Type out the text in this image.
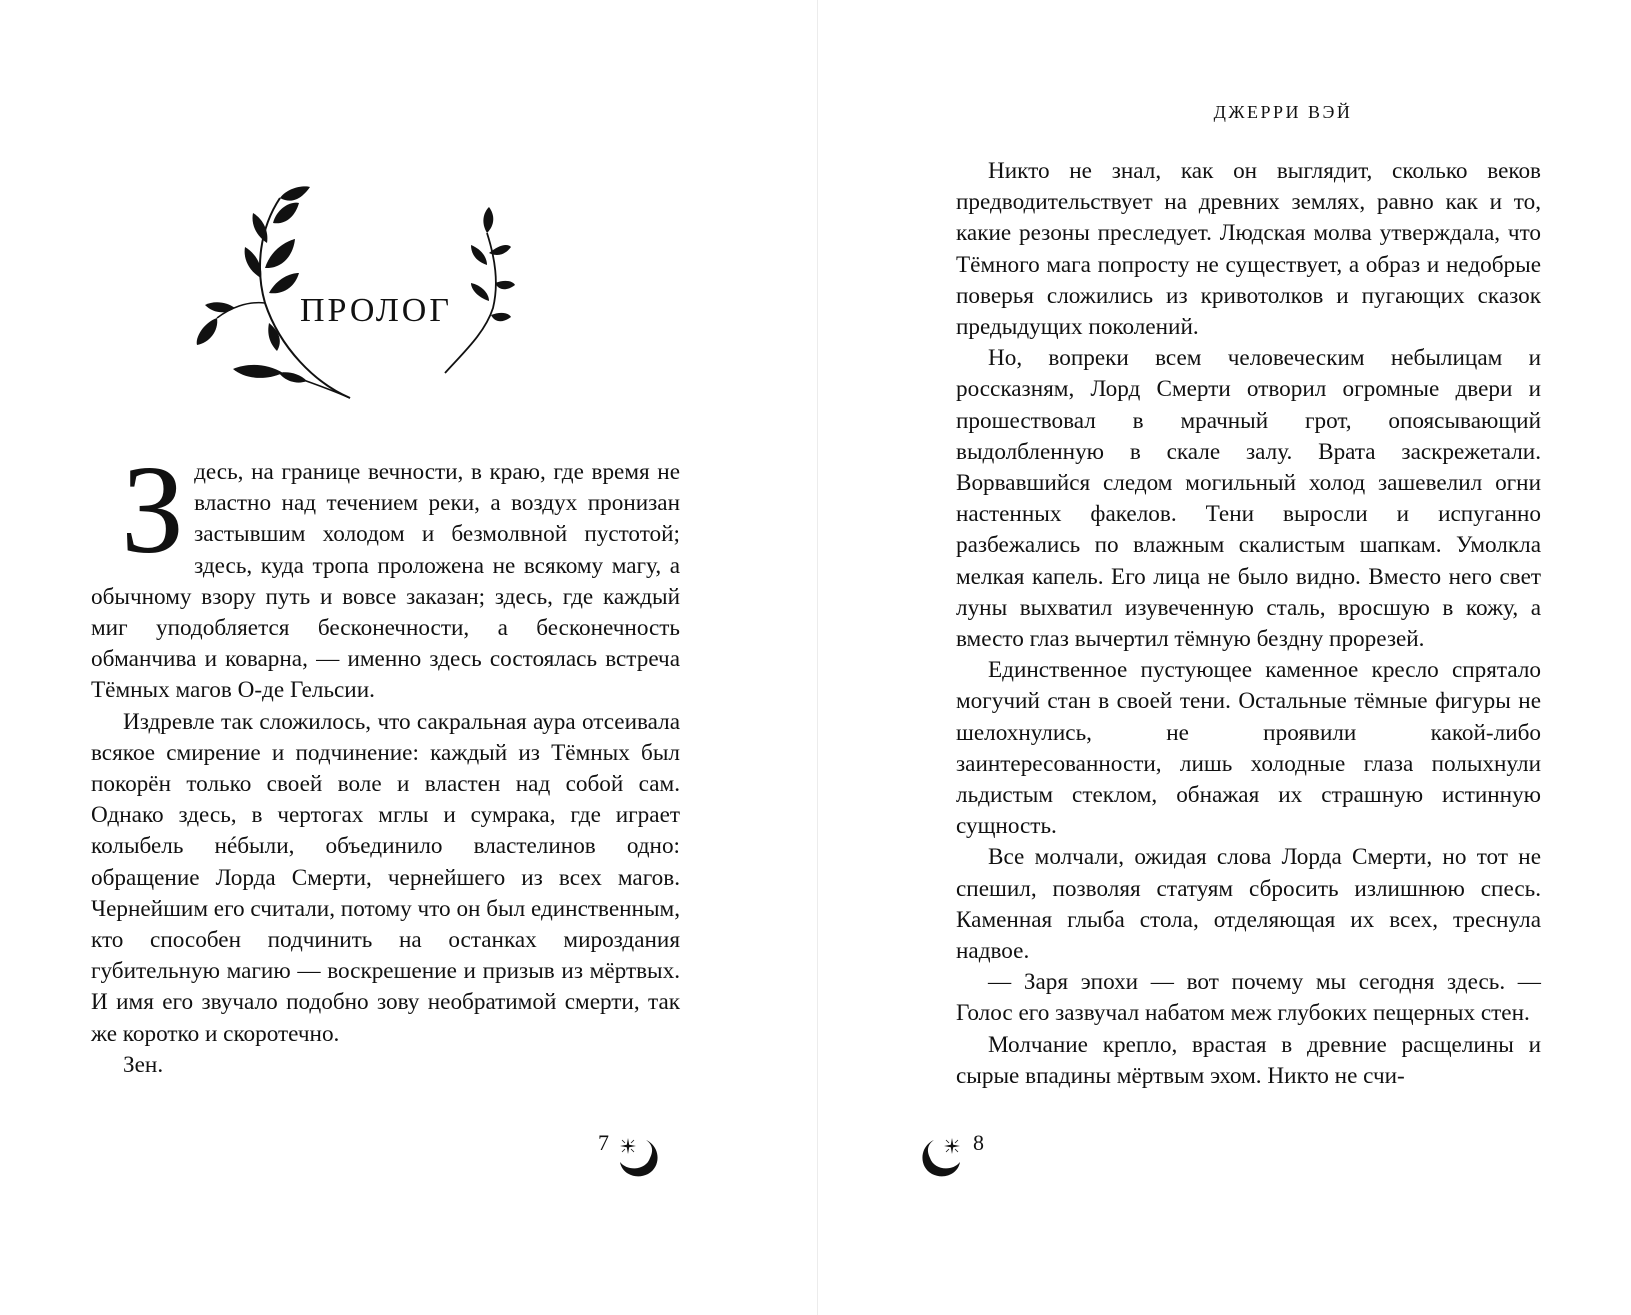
ПРОЛОГ

Здесь, на границе вечности, в краю, где время не властно над течением реки, а воздух пронизан застывшим холодом и безмолвной пустотой; здесь, куда тропа проложена не всякому магу, а обычному взору путь и вовсе заказан; здесь, где каждый миг уподобляется бесконечности, а бесконечность обманчива и коварна, — именно здесь состоялась встреча Тёмных магов О-де Гельсии.

Издревле так сложилось, что сакральная аура отсеивала всякое смирение и подчинение: каждый из Тёмных был покорён только своей воле и властен над собой сам. Однако здесь, в чертогах мглы и сумрака, где играет колыбель нéбыли, объединило властелинов одно: обращение Лорда Смерти, чернейшего из всех магов. Чернейшим его считали, потому что он был единственным, кто способен подчинить на останках мироздания губительную магию — воскрешение и призыв из мёртвых. И имя его звучало подобно зову необратимой смерти, так же коротко и скоротечно.

Зен.

7
ДЖЕРРИ ВЭЙ

Никто не знал, как он выглядит, сколько веков предводительствует на древних землях, равно как и то, какие резоны преследует. Людская молва утверждала, что Тёмного мага попросту не существует, а образ и недобрые поверья сложились из кривотолков и пугающих сказок предыдущих поколений.

Но, вопреки всем человеческим небылицам и россказням, Лорд Смерти отворил огромные двери и прошествовал в мрачный грот, опоясывающий выдолбленную в скале залу. Врата заскрежетали. Ворвавшийся следом могильный холод зашевелил огни настенных факелов. Тени выросли и испуганно разбежались по влажным скалистым шапкам. Умолкла мелкая капель. Его лица не было видно. Вместо него свет луны выхватил изувеченную сталь, вросшую в кожу, а вместо глаз вычертил тёмную бездну прорезей.

Единственное пустующее каменное кресло спрятало могучий стан в своей тени. Остальные тёмные фигуры не шелохнулись, не проявили какой-либо заинтересованности, лишь холодные глаза полыхнули льдистым стеклом, обнажая их страшную истинную сущность.

Все молчали, ожидая слова Лорда Смерти, но тот не спешил, позволяя статуям сбросить излишнюю спесь. Каменная глыба стола, отделяющая их всех, треснула надвое.

— Заря эпохи — вот почему мы сегодня здесь. — Голос его зазвучал набатом меж глубоких пещерных стен.

Молчание крепло, врастая в древние расщелины и сырые впадины мёртвым эхом. Никто не счи-

8
